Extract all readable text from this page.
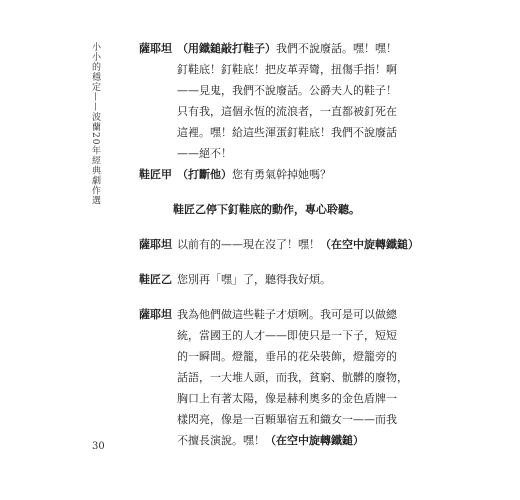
小小的穩定——波蘭20年經典劇作選	薩耶坦 （用鐵鎚敲打鞋子）我們不說廢話。嘿！嘿！
釘鞋底！釘鞋底！把皮革弄彎，扭傷手指！啊
——見鬼，我們不說廢話。公爵夫人的鞋子！
只有我，這個永恆的流浪者，一直都被釘死在
這裡。嘿！給這些渾蛋釘鞋底！我們不說廢話
——絕不！
鞋匠甲 （打斷他）您有勇氣幹掉她嗎？
鞋匠乙停下釘鞋底的動作，專心聆聽。
薩耶坦 以前有的——現在沒了！嘿！（在空中旋轉鐵鎚）
鞋匠乙 您別再「嘿」了，聽得我好煩。
薩耶坦 我為他們做這些鞋子才煩咧。我可是可以做總
統，當國王的人才——即使只是一下子，短短
的一瞬間。燈籠，垂吊的花朵裝飾，燈籠旁的
話語，一大堆人頭，而我，貧窮、骯髒的廢物，
胸口上有著太陽，像是赫利奧多的金色盾牌一
樣閃亮，像是一百顆畢宿五和織女一——而我
不擅長演說。嘿！（在空中旋轉鐵鎚）
30
